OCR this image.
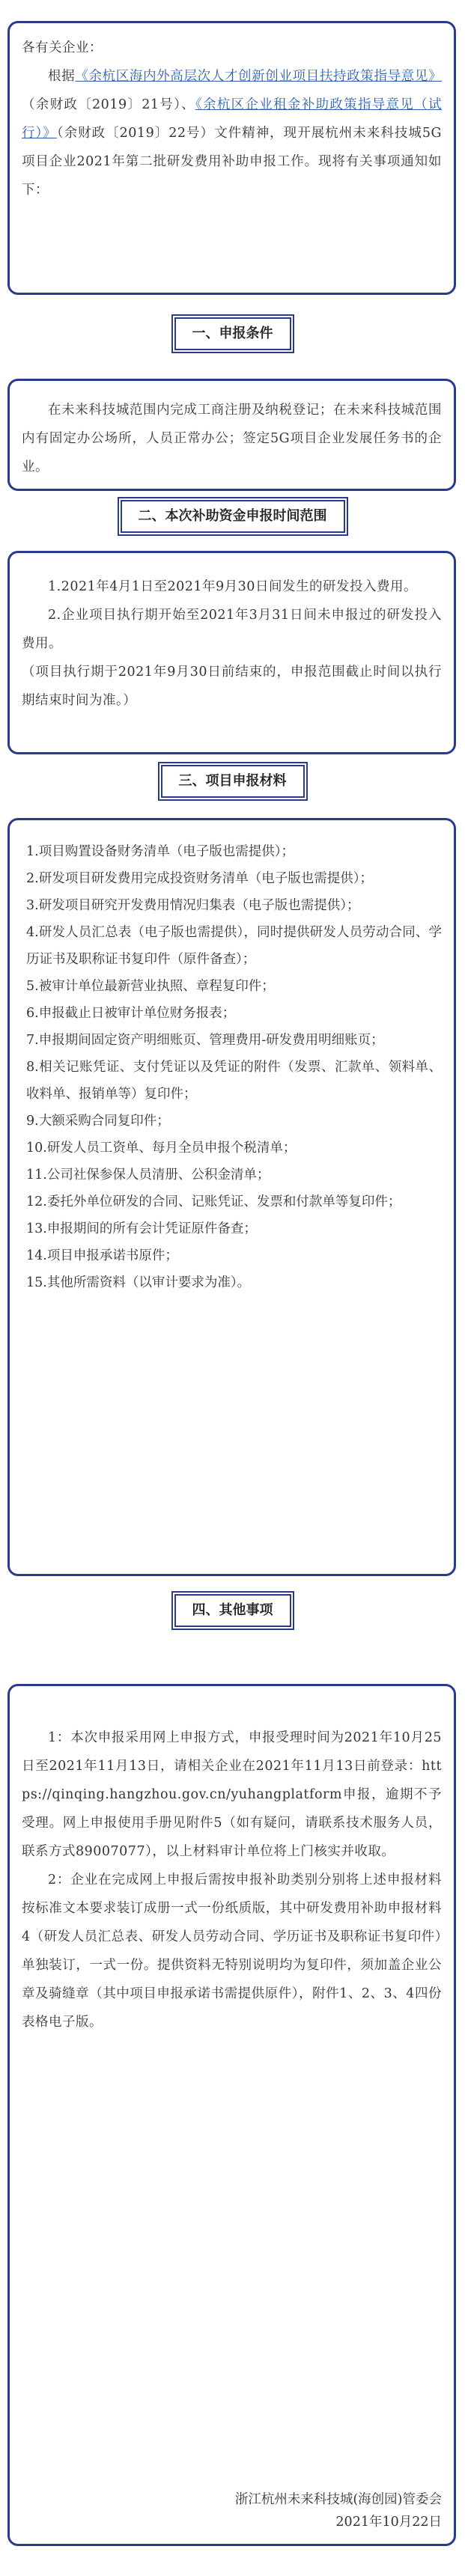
各有关企业：

根据《余杭区海内外高层次人才创新创业项目扶持政策指导意见》（余财政〔2019〕21号）、《余杭区企业租金补助政策指导意见（试行）》（余财政〔2019〕22号）文件精神，现开展杭州未来科技城5G项目企业2021年第二批研发费用补助申报工作。现将有关事项通知如下：

一、申报条件

在未来科技城范围内完成工商注册及纳税登记；在未来科技城范围内有固定办公场所，人员正常办公；签定5G项目企业发展任务书的企业。

二、本次补助资金申报时间范围

1.2021年4月1日至2021年9月30日间发生的研发投入费用。

2.企业项目执行期开始至2021年3月31日间未申报过的研发投入费用。

（项目执行期于2021年9月30日前结束的，申报范围截止时间以执行期结束时间为准。）

三、项目申报材料

1.项目购置设备财务清单（电子版也需提供）；

2.研发项目研发费用完成投资财务清单（电子版也需提供）；

3.研发项目研究开发费用情况归集表（电子版也需提供）；

4.研发人员汇总表（电子版也需提供），同时提供研发人员劳动合同、学历证书及职称证书复印件（原件备查）；

5.被审计单位最新营业执照、章程复印件；

6.申报截止日被审计单位财务报表；

7.申报期间固定资产明细账页、管理费用-研发费用明细账页；

8.相关记账凭证、支付凭证以及凭证的附件（发票、汇款单、领料单、收料单、报销单等）复印件；

9.大额采购合同复印件；

10.研发人员工资单、每月全员申报个税清单；

11.公司社保参保人员清册、公积金清单；

12.委托外单位研发的合同、记账凭证、发票和付款单等复印件；

13.申报期间的所有会计凭证原件备查；

14.项目申报承诺书原件；

15.其他所需资料（以审计要求为准）。

四、其他事项

1：本次申报采用网上申报方式，申报受理时间为2021年10月25日至2021年11月13日，请相关企业在2021年11月13日前登录：https://qinqing.hangzhou.gov.cn/yuhangplatform申报，逾期不予受理。网上申报使用手册见附件5（如有疑问，请联系技术服务人员，联系方式89007077），以上材料审计单位将上门核实并收取。

2：企业在完成网上申报后需按申报补助类别分别将上述申报材料按标准文本要求装订成册一式一份纸质版，其中研发费用补助申报材料4（研发人员汇总表、研发人员劳动合同、学历证书及职称证书复印件）单独装订，一式一份。提供资料无特别说明均为复印件，须加盖企业公章及骑缝章（其中项目申报承诺书需提供原件），附件1、2、3、4四份表格电子版。

浙江杭州未来科技城(海创园)管委会

2021年10月22日
